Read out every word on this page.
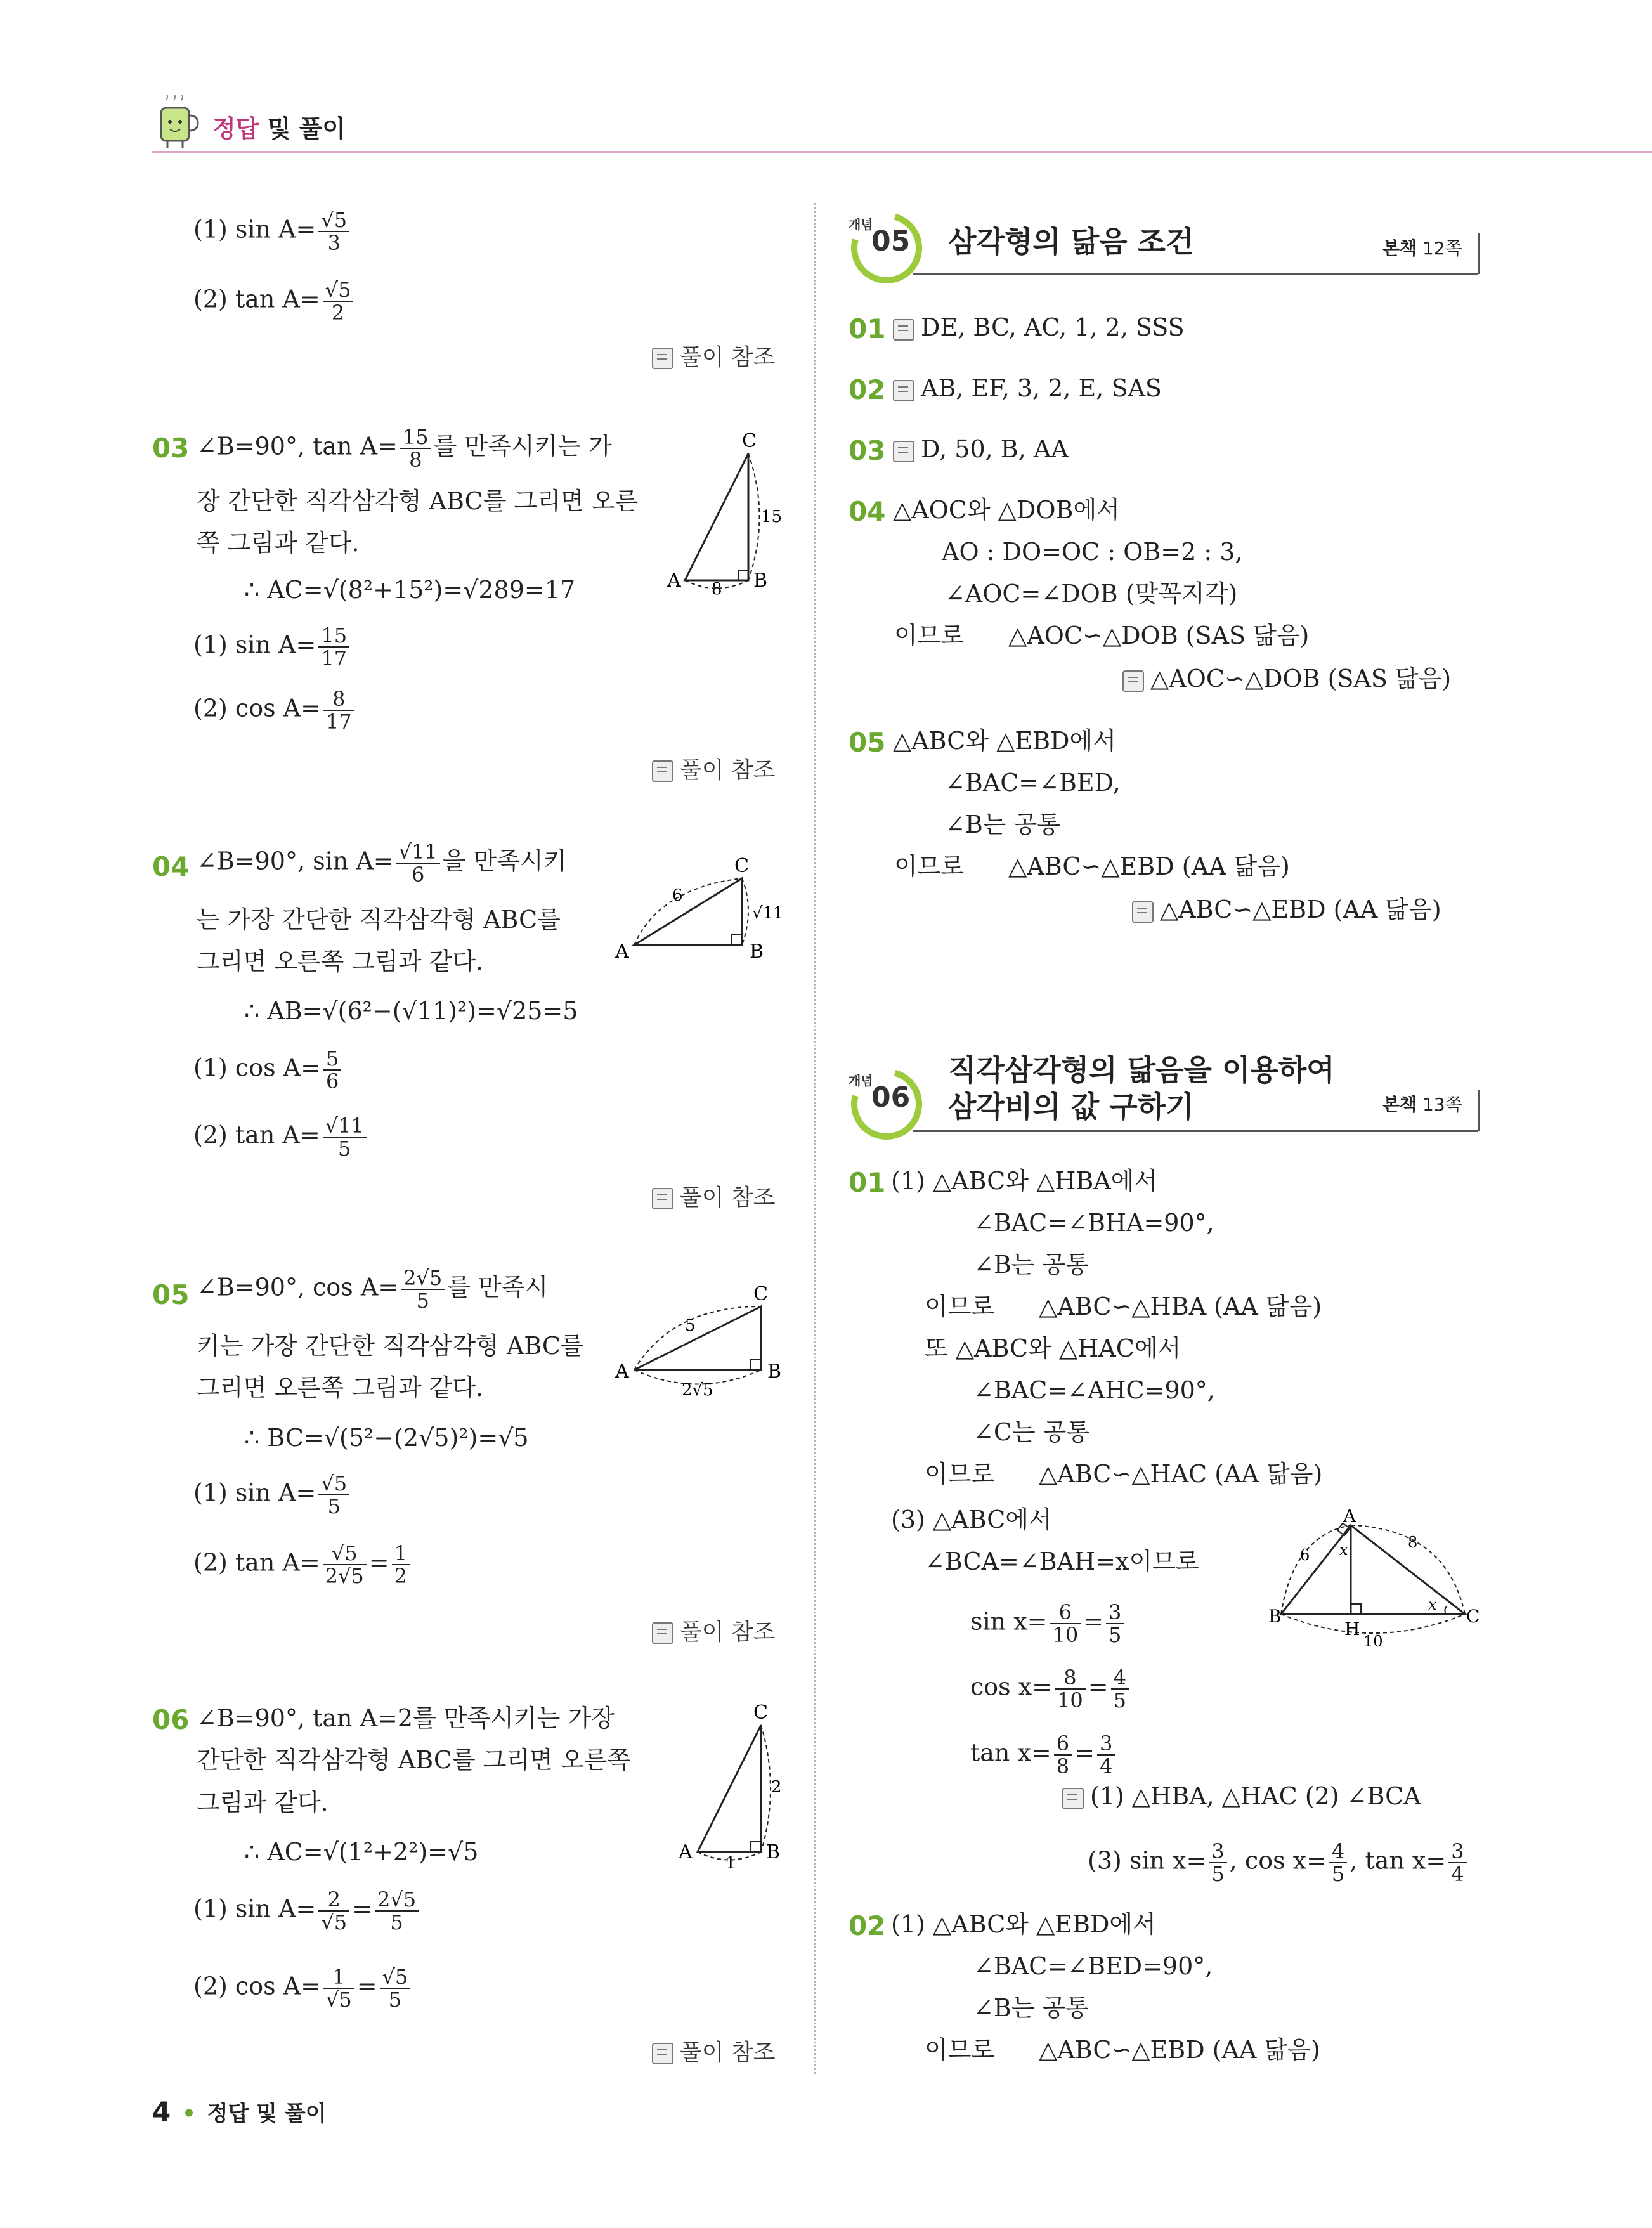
정답 및 풀이
(1) $\sin A= \frac{√5}{3}$
(2) $\tan A= \frac{√5}{2}$
풀이 참조
03 ∠B=90°, $\tan A= \frac{15}{8}$ 를 만족시키는 가
장 간단한 직각삼각형 ABC를 그리면 오른
쪽 그림과 같다.
∴ AC=√(8²+15²)=√289=17
(1) $\sin A= \frac{15}{17}$
(2) $\cos A= \frac{8}{17}$
A	B
C
8
15
풀이 참조
04 ∠B=90°, $\sin A= \frac{√11}{6}$ 을 만족시키
는 가장 간단한 직각삼각형 ABC를
그리면 오른쪽 그림과 같다.
∴ AB=√(6²−(√11)²)=√25=5
(1) $\cos A= \frac{5}{6}$
(2) $\tan A= \frac{√11}{5}$
A	B
C
6
√11
풀이 참조
05 ∠B=90°, $\cos A= \frac{2√5}{5}$ 를 만족시
키는 가장 간단한 직각삼각형 ABC를
그리면 오른쪽 그림과 같다.
∴ BC=√(5²−(2√5)²)=√5
(1) $\sin A= \frac{√5}{5}$
(2) $\tan A= \frac{√5}{2√5} = \frac{1}{2}$
A	B
C
5
2√5
풀이 참조
06 ∠B=90°, tan A=2를 만족시키는 가장
간단한 직각삼각형 ABC를 그리면 오른쪽
그림과 같다.
∴ AC=√(1²+2²)=√5
(1) $\sin A= \frac{2}{√5} = \frac{2√5}{5}$
(2) $\cos A= \frac{1}{√5} = \frac{√5}{5}$
A	B
C
1
2
풀이 참조
개념
05 삼각형의 닮음 조건	본책 12쪽
01	DE, BC, AC, 1, 2, SSS
02	AB, EF, 3, 2, E, SAS
03	D, 50, B, AA
04 △AOC와 △DOB에서
AO : DO=OC : OB=2 : 3,
∠AOC=∠DOB (맞꼭지각)
이므로 △AOC∽△DOB (SAS 닮음)
△AOC∽△DOB (SAS 닮음)
05 △ABC와 △EBD에서
∠BAC=∠BED,
∠B는 공통
이므로 △ABC∽△EBD (AA 닮음)
△ABC∽△EBD (AA 닮음)
개념
06
직각삼각형의 닮음을 이용하여
삼각비의 값 구하기	본책 13쪽
01 (1) △ABC와 △HBA에서
∠BAC=∠BHA=90°,
∠B는 공통
이므로 △ABC∽△HBA (AA 닮음)
또 △ABC와 △HAC에서
∠BAC=∠AHC=90°,
∠C는 공통
이므로 △ABC∽△HAC (AA 닮음)
(3) △ABC에서
∠BCA=∠BAH=x이므로
$\sin x= \frac{6}{10} = \frac{3}{5}$
$\cos x= \frac{8}{10} = \frac{4}{5}$
$\tan x= \frac{6}{8} = \frac{3}{4}$
A
B	C
H
x
x
6
8
10
(1) △HBA, △HAC (2) ∠BCA
(3) $\sin x= \frac{3}{5}$ , $\cos x= \frac{4}{5}$ , $\tan x= \frac{3}{4}$
02 (1) △ABC와 △EBD에서
∠BAC=∠BED=90°,
∠B는 공통
이므로 △ABC∽△EBD (AA 닮음)
4 • 정답 및 풀이
